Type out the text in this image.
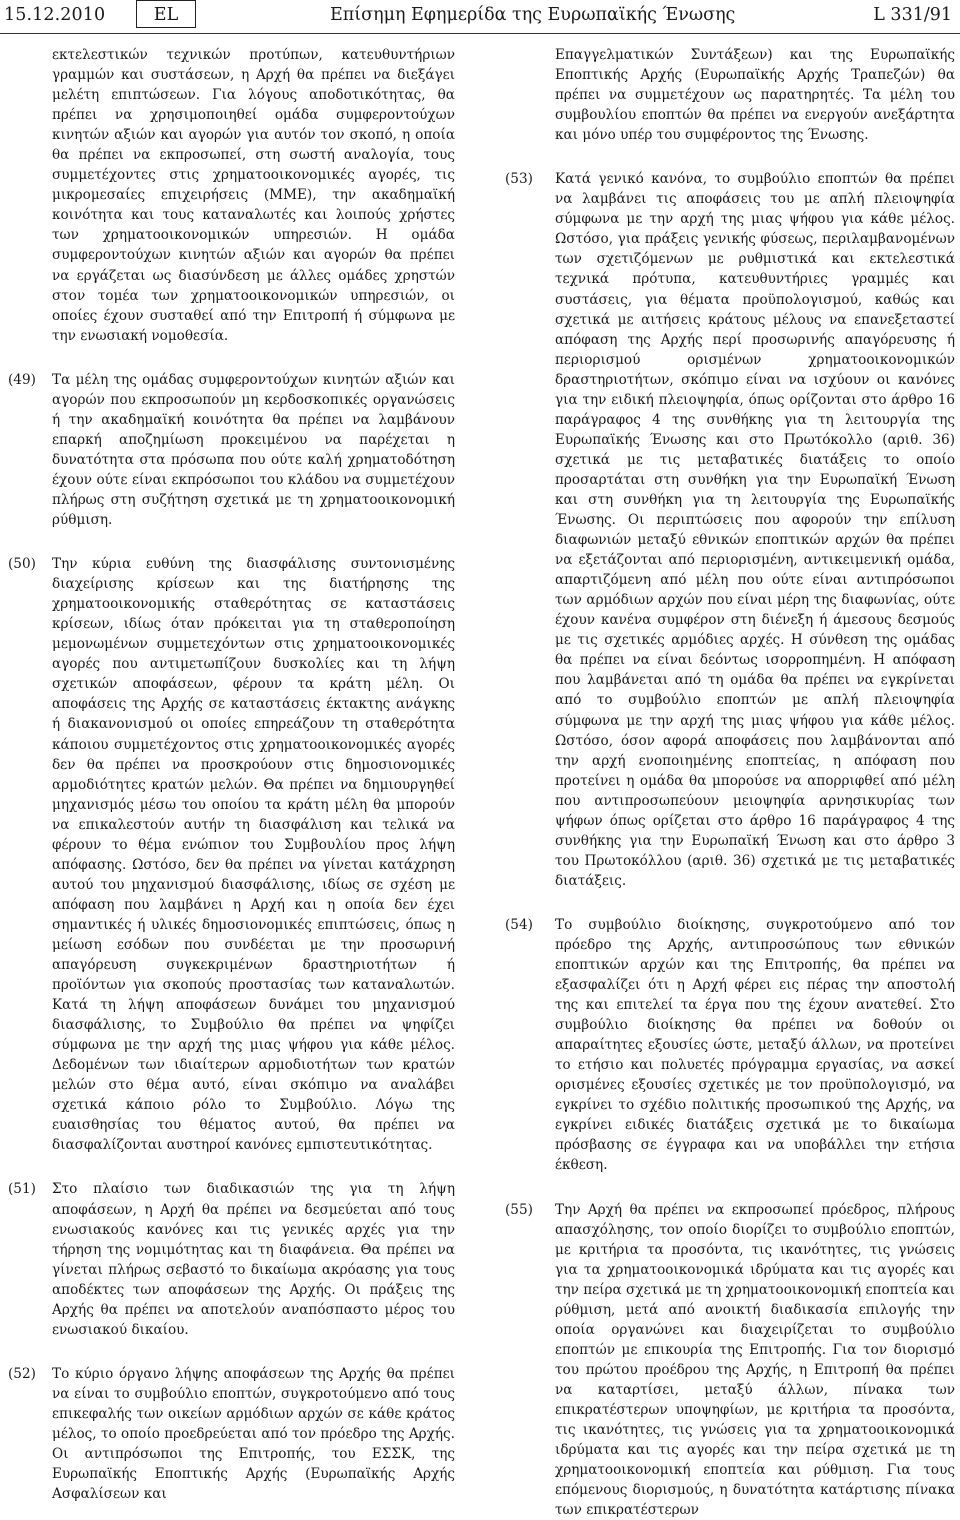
15.12.2010	EL	Επίσημη Εφημερίδα της Ευρωπαϊκής Ένωσης	L 331/91
εκτελεστικών τεχνικών προτύπων, κατευθυντήριων γραμμών και συστάσεων, η Αρχή θα πρέπει να διεξάγει μελέτη επιπτώσεων. Για λόγους αποδοτικότητας, θα πρέπει να χρησιμοποιηθεί ομάδα συμφεροντούχων κινητών αξιών και αγορών για αυτόν τον σκοπό, η οποία θα πρέπει να εκπροσωπεί, στη σωστή αναλογία, τους συμμετέχοντες στις χρηματοοικονομικές αγορές, τις μικρομεσαίες επιχειρήσεις (ΜΜΕ), την ακαδημαϊκή κοινότητα και τους καταναλωτές και λοιπούς χρήστες των χρηματοοικονομικών υπηρεσιών. Η ομάδα συμφεροντούχων κινητών αξιών και αγορών θα πρέπει να εργάζεται ως διασύνδεση με άλλες ομάδες χρηστών στον τομέα των χρηματοοικονομικών υπηρεσιών, οι οποίες έχουν συσταθεί από την Επιτροπή ή σύμφωνα με την ενωσιακή νομοθεσία.
(49)	Τα μέλη της ομάδας συμφεροντούχων κινητών αξιών και αγορών που εκπροσωπούν μη κερδοσκοπικές οργανώσεις ή την ακαδημαϊκή κοινότητα θα πρέπει να λαμβάνουν επαρκή αποζημίωση προκειμένου να παρέχεται η δυνατότητα στα πρόσωπα που ούτε καλή χρηματοδότηση έχουν ούτε είναι εκπρόσωποι του κλάδου να συμμετέχουν πλήρως στη συζήτηση σχετικά με τη χρηματοοικονομική ρύθμιση.
(50)	Την κύρια ευθύνη της διασφάλισης συντονισμένης διαχείρισης κρίσεων και της διατήρησης της χρηματοοικονομικής σταθερότητας σε καταστάσεις κρίσεων, ιδίως όταν πρόκειται για τη σταθεροποίηση μεμονωμένων συμμετεχόντων στις χρηματοοικονομικές αγορές που αντιμετωπίζουν δυσκολίες και τη λήψη σχετικών αποφάσεων, φέρουν τα κράτη μέλη. Οι αποφάσεις της Αρχής σε καταστάσεις έκτακτης ανάγκης ή διακανονισμού οι οποίες επηρεάζουν τη σταθερότητα κάποιου συμμετέχοντος στις χρηματοοικονομικές αγορές δεν θα πρέπει να προσκρούουν στις δημοσιονομικές αρμοδιότητες κρατών μελών. Θα πρέπει να δημιουργηθεί μηχανισμός μέσω του οποίου τα κράτη μέλη θα μπορούν να επικαλεστούν αυτήν τη διασφάλιση και τελικά να φέρουν το θέμα ενώπιον του Συμβουλίου προς λήψη απόφασης. Ωστόσο, δεν θα πρέπει να γίνεται κατάχρηση αυτού του μηχανισμού διασφάλισης, ιδίως σε σχέση με απόφαση που λαμβάνει η Αρχή και η οποία δεν έχει σημαντικές ή υλικές δημοσιονομικές επιπτώσεις, όπως η μείωση εσόδων που συνδέεται με την προσωρινή απαγόρευση συγκεκριμένων δραστηριοτήτων ή προϊόντων για σκοπούς προστασίας των καταναλωτών. Κατά τη λήψη αποφάσεων δυνάμει του μηχανισμού διασφάλισης, το Συμβούλιο θα πρέπει να ψηφίζει σύμφωνα με την αρχή της μιας ψήφου για κάθε μέλος. Δεδομένων των ιδιαίτερων αρμοδιοτήτων των κρατών μελών στο θέμα αυτό, είναι σκόπιμο να αναλάβει σχετικά κάποιο ρόλο το Συμβούλιο. Λόγω της ευαισθησίας του θέματος αυτού, θα πρέπει να διασφαλίζονται αυστηροί κανόνες εμπιστευτικότητας.
(51)	Στο πλαίσιο των διαδικασιών της για τη λήψη αποφάσεων, η Αρχή θα πρέπει να δεσμεύεται από τους ενωσιακούς κανόνες και τις γενικές αρχές για την τήρηση της νομιμότητας και τη διαφάνεια. Θα πρέπει να γίνεται πλήρως σεβαστό το δικαίωμα ακρόασης για τους αποδέκτες των αποφάσεων της Αρχής. Οι πράξεις της Αρχής θα πρέπει να αποτελούν αναπόσπαστο μέρος του ενωσιακού δικαίου.
(52)	Το κύριο όργανο λήψης αποφάσεων της Αρχής θα πρέπει να είναι το συμβούλιο εποπτών, συγκροτούμενο από τους επικεφαλής των οικείων αρμόδιων αρχών σε κάθε κράτος μέλος, το οποίο προεδρεύεται από τον πρόεδρο της Αρχής. Οι αντιπρόσωποι της Επιτροπής, του ΕΣΣΚ, της Ευρωπαϊκής Εποπτικής Αρχής (Ευρωπαϊκής Αρχής Ασφαλίσεων και
Επαγγελματικών Συντάξεων) και της Ευρωπαϊκής Εποπτικής Αρχής (Ευρωπαϊκής Αρχής Τραπεζών) θα πρέπει να συμμετέχουν ως παρατηρητές. Τα μέλη του συμβουλίου εποπτών θα πρέπει να ενεργούν ανεξάρτητα και μόνο υπέρ του συμφέροντος της Ένωσης.
(53)	Κατά γενικό κανόνα, το συμβούλιο εποπτών θα πρέπει να λαμβάνει τις αποφάσεις του με απλή πλειοψηφία σύμφωνα με την αρχή της μιας ψήφου για κάθε μέλος. Ωστόσο, για πράξεις γενικής φύσεως, περιλαμβανομένων των σχετιζόμενων με ρυθμιστικά και εκτελεστικά τεχνικά πρότυπα, κατευθυντήριες γραμμές και συστάσεις, για θέματα προϋπολογισμού, καθώς και σχετικά με αιτήσεις κράτους μέλους να επανεξεταστεί απόφαση της Αρχής περί προσωρινής απαγόρευσης ή περιορισμού ορισμένων χρηματοοικονομικών δραστηριοτήτων, σκόπιμο είναι να ισχύουν οι κανόνες για την ειδική πλειοψηφία, όπως ορίζονται στο άρθρο 16 παράγραφος 4 της συνθήκης για τη λειτουργία της Ευρωπαϊκής Ένωσης και στο Πρωτόκολλο (αριθ. 36) σχετικά με τις μεταβατικές διατάξεις το οποίο προσαρτάται στη συνθήκη για την Ευρωπαϊκή Ένωση και στη συνθήκη για τη λειτουργία της Ευρωπαϊκής Ένωσης. Οι περιπτώσεις που αφορούν την επίλυση διαφωνιών μεταξύ εθνικών εποπτικών αρχών θα πρέπει να εξετάζονται από περιορισμένη, αντικειμενική ομάδα, απαρτιζόμενη από μέλη που ούτε είναι αντιπρόσωποι των αρμόδιων αρχών που είναι μέρη της διαφωνίας, ούτε έχουν κανένα συμφέρον στη διένεξη ή άμεσους δεσμούς με τις σχετικές αρμόδιες αρχές. Η σύνθεση της ομάδας θα πρέπει να είναι δεόντως ισορροπημένη. Η απόφαση που λαμβάνεται από τη ομάδα θα πρέπει να εγκρίνεται από το συμβούλιο εποπτών με απλή πλειοψηφία σύμφωνα με την αρχή της μιας ψήφου για κάθε μέλος. Ωστόσο, όσον αφορά αποφάσεις που λαμβάνονται από την αρχή ενοποιημένης εποπτείας, η απόφαση που προτείνει η ομάδα θα μπορούσε να απορριφθεί από μέλη που αντιπροσωπεύουν μειοψηφία αρνησικυρίας των ψήφων όπως ορίζεται στο άρθρο 16 παράγραφος 4 της συνθήκης για την Ευρωπαϊκή Ένωση και στο άρθρο 3 του Πρωτοκόλλου (αριθ. 36) σχετικά με τις μεταβατικές διατάξεις.
(54)	Το συμβούλιο διοίκησης, συγκροτούμενο από τον πρόεδρο της Αρχής, αντιπροσώπους των εθνικών εποπτικών αρχών και της Επιτροπής, θα πρέπει να εξασφαλίζει ότι η Αρχή φέρει εις πέρας την αποστολή της και επιτελεί τα έργα που της έχουν ανατεθεί. Στο συμβούλιο διοίκησης θα πρέπει να δοθούν οι απαραίτητες εξουσίες ώστε, μεταξύ άλλων, να προτείνει το ετήσιο και πολυετές πρόγραμμα εργασίας, να ασκεί ορισμένες εξουσίες σχετικές με τον προϋπολογισμό, να εγκρίνει το σχέδιο πολιτικής προσωπικού της Αρχής, να εγκρίνει ειδικές διατάξεις σχετικά με το δικαίωμα πρόσβασης σε έγγραφα και να υποβάλλει την ετήσια έκθεση.
(55)	Την Αρχή θα πρέπει να εκπροσωπεί πρόεδρος, πλήρους απασχόλησης, τον οποίο διορίζει το συμβούλιο εποπτών, με κριτήρια τα προσόντα, τις ικανότητες, τις γνώσεις για τα χρηματοοικονομικά ιδρύματα και τις αγορές και την πείρα σχετικά με τη χρηματοοικονομική εποπτεία και ρύθμιση, μετά από ανοικτή διαδικασία επιλογής την οποία οργανώνει και διαχειρίζεται το συμβούλιο εποπτών με επικουρία της Επιτροπής. Για τον διορισμό του πρώτου προέδρου της Αρχής, η Επιτροπή θα πρέπει να καταρτίσει, μεταξύ άλλων, πίνακα των επικρατέστερων υποψηφίων, με κριτήρια τα προσόντα, τις ικανότητες, τις γνώσεις για τα χρηματοοικονομικά ιδρύματα και τις αγορές και την πείρα σχετικά με τη χρηματοοικονομική εποπτεία και ρύθμιση. Για τους επόμενους διορισμούς, η δυνατότητα κατάρτισης πίνακα των επικρατέστερων
